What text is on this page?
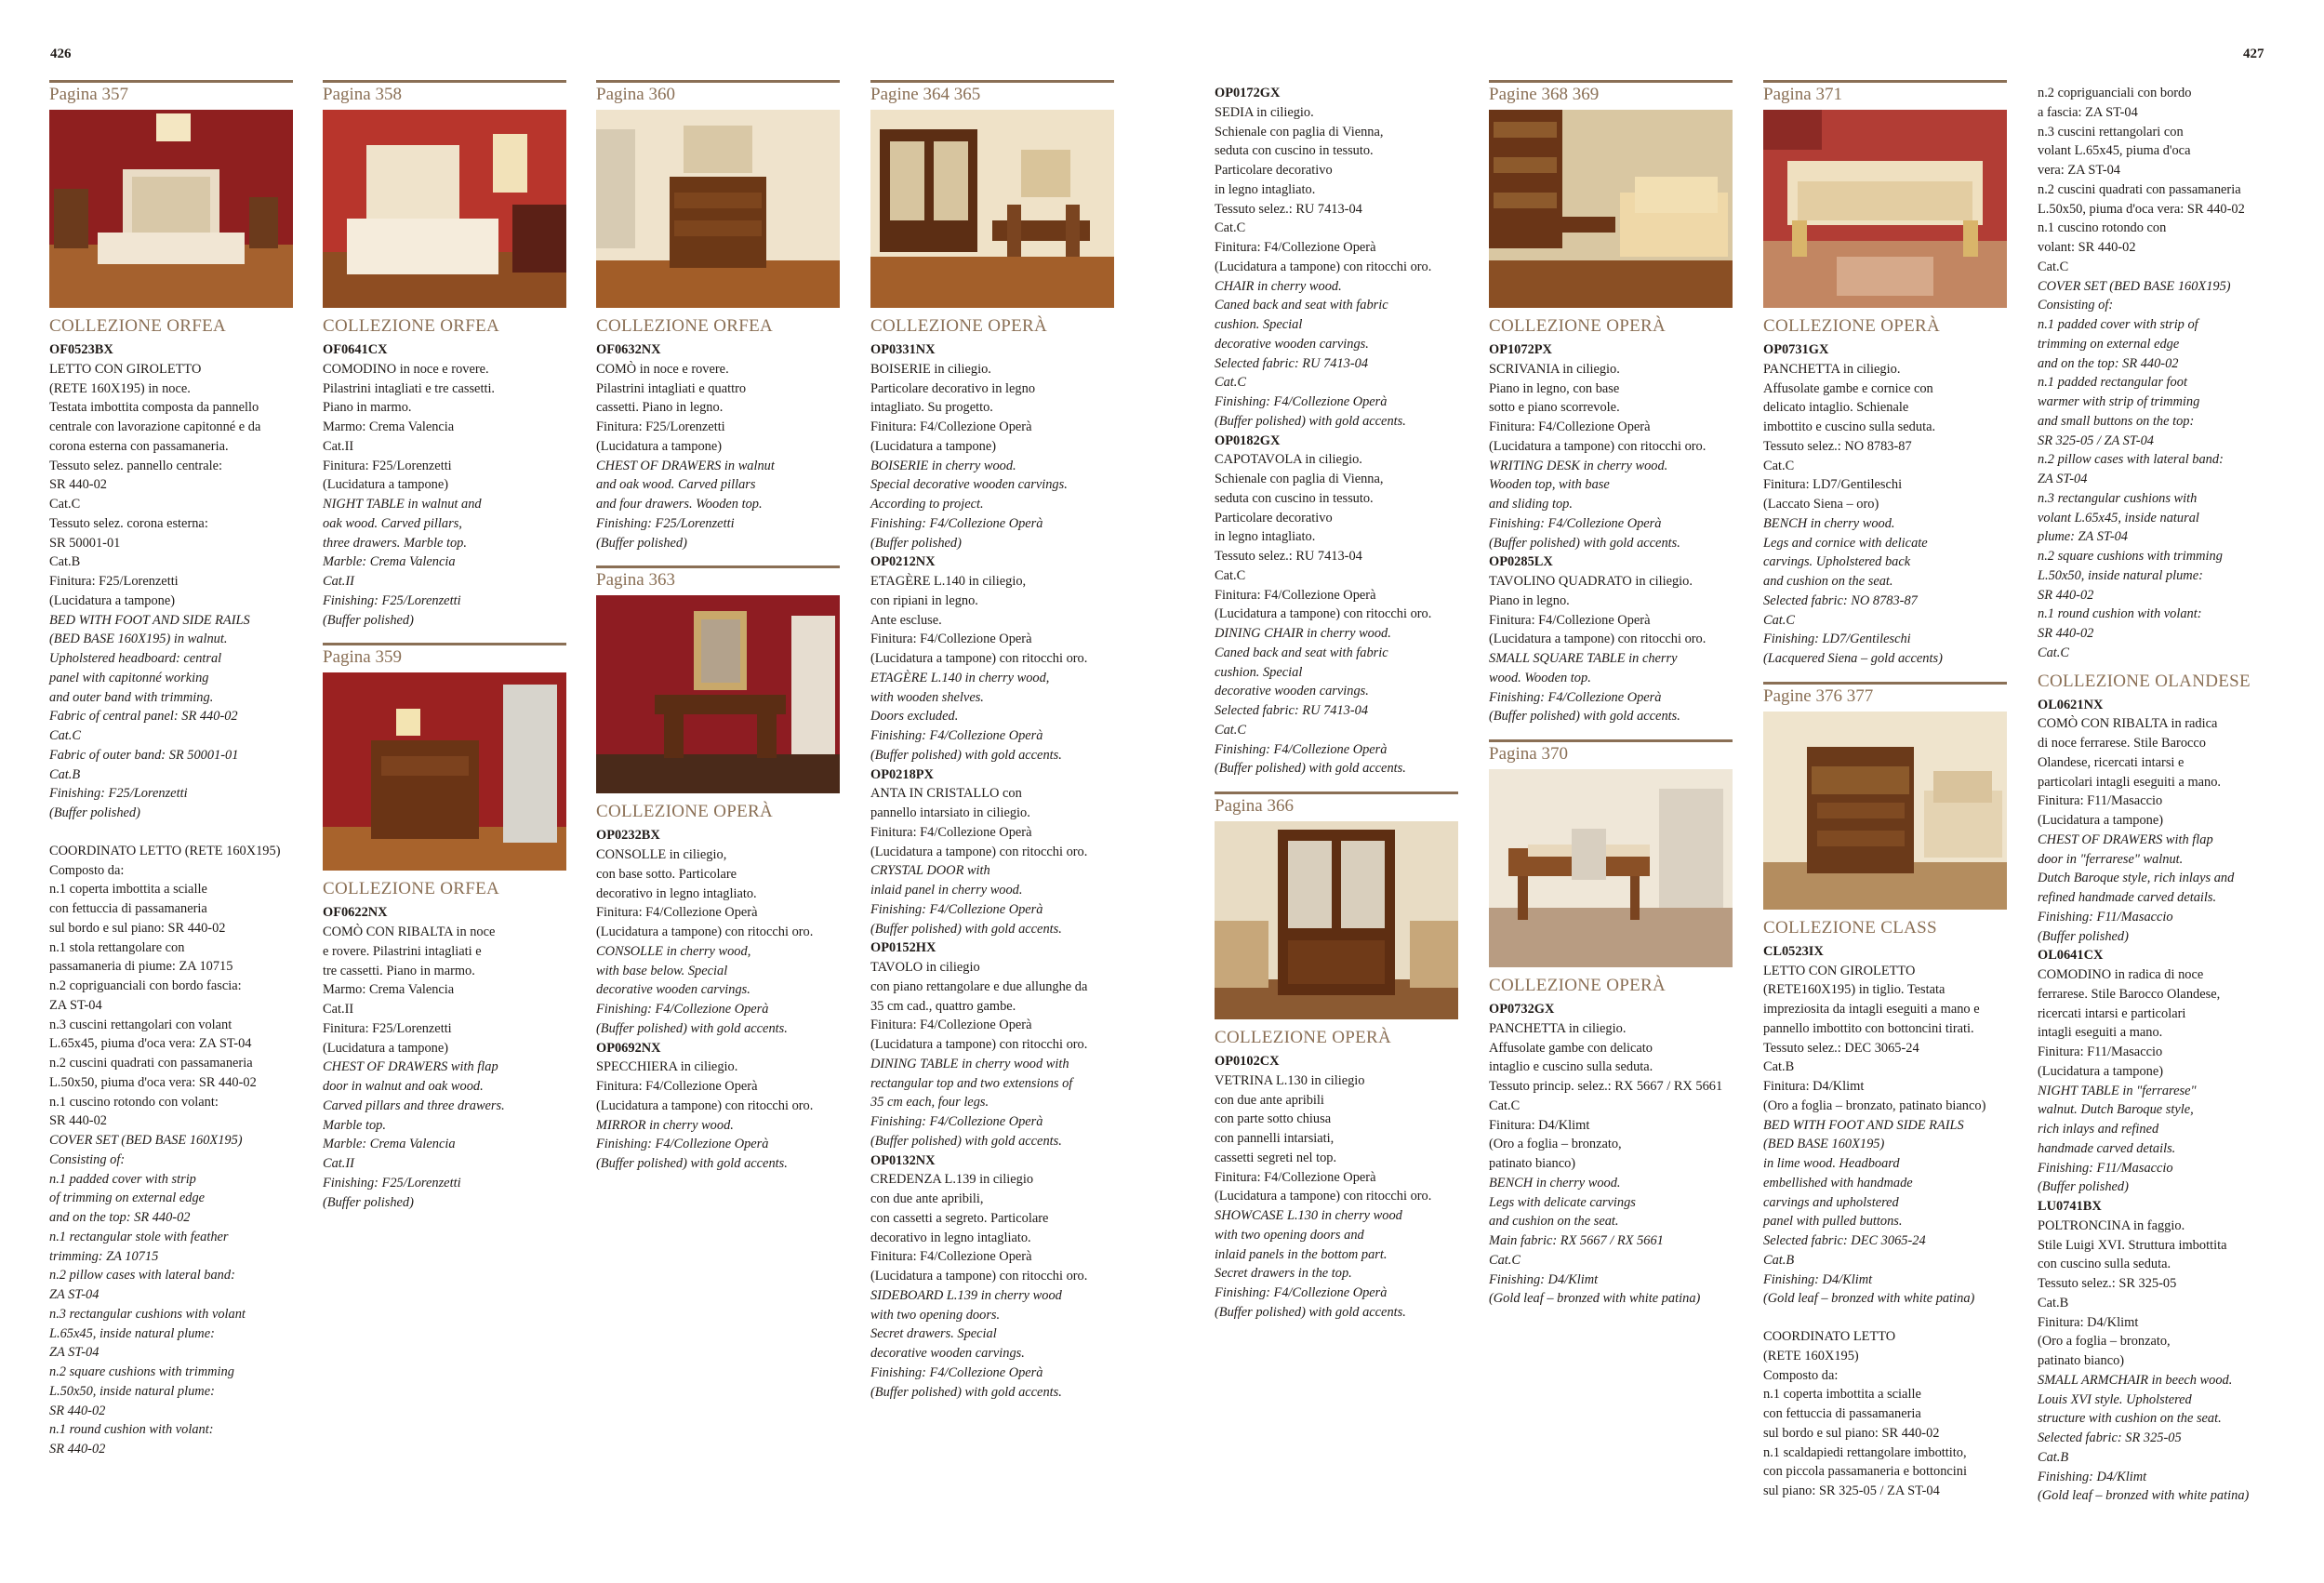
426	427
Pagina 357
COLLEZIONE ORFEA
OF0523BX
LETTO CON GIROLETTO
(RETE 160X195) in noce.
Testata imbottita composta da pannello
centrale con lavorazione capitonné e da
corona esterna con passamaneria.
Tessuto selez. pannello centrale:
SR 440-02
Cat.C
Tessuto selez. corona esterna:
SR 50001-01
Cat.B
Finitura: F25/Lorenzetti
(Lucidatura a tampone)
BED WITH FOOT AND SIDE RAILS
(BED BASE 160X195) in walnut.
Upholstered headboard: central
panel with capitonné working
and outer band with trimming.
Fabric of central panel: SR 440-02
Cat.C
Fabric of outer band: SR 50001-01
Cat.B
Finishing: F25/Lorenzetti
(Buffer polished)
COORDINATO LETTO (RETE 160X195)
Composto da:
n.1 coperta imbottita a scialle
con fettuccia di passamaneria
sul bordo e sul piano: SR 440-02
n.1 stola rettangolare con
passamaneria di piume: ZA 10715
n.2 copriguanciali con bordo fascia:
ZA ST-04
n.3 cuscini rettangolari con volant
L.65x45, piuma d'oca vera: ZA ST-04
n.2 cuscini quadrati con passamaneria
L.50x50, piuma d'oca vera: SR 440-02
n.1 cuscino rotondo con volant:
SR 440-02
COVER SET (BED BASE 160X195)
Consisting of:
n.1 padded cover with strip
of trimming on external edge
and on the top: SR 440-02
n.1 rectangular stole with feather
trimming: ZA 10715
n.2 pillow cases with lateral band:
ZA ST-04
n.3 rectangular cushions with volant
L.65x45, inside natural plume:
ZA ST-04
n.2 square cushions with trimming
L.50x50, inside natural plume:
SR 440-02
n.1 round cushion with volant:
SR 440-02
Pagina 358
COLLEZIONE ORFEA
OF0641CX
COMODINO in noce e rovere.
Pilastrini intagliati e tre cassetti.
Piano in marmo.
Marmo: Crema Valencia
Cat.II
Finitura: F25/Lorenzetti
(Lucidatura a tampone)
NIGHT TABLE in walnut and
oak wood. Carved pillars,
three drawers. Marble top.
Marble: Crema Valencia
Cat.II
Finishing: F25/Lorenzetti
(Buffer polished)
Pagina 359
COLLEZIONE ORFEA
OF0622NX
COMÒ CON RIBALTA in noce
e rovere. Pilastrini intagliati e
tre cassetti. Piano in marmo.
Marmo: Crema Valencia
Cat.II
Finitura: F25/Lorenzetti
(Lucidatura a tampone)
CHEST OF DRAWERS with flap
door in walnut and oak wood.
Carved pillars and three drawers.
Marble top.
Marble: Crema Valencia
Cat.II
Finishing: F25/Lorenzetti
(Buffer polished)
Pagina 360
COLLEZIONE ORFEA
OF0632NX
COMÒ in noce e rovere.
Pilastrini intagliati e quattro
cassetti. Piano in legno.
Finitura: F25/Lorenzetti
(Lucidatura a tampone)
CHEST OF DRAWERS in walnut
and oak wood. Carved pillars
and four drawers. Wooden top.
Finishing: F25/Lorenzetti
(Buffer polished)
Pagina 363
COLLEZIONE OPERÀ
OP0232BX
CONSOLLE in ciliegio,
con base sotto. Particolare
decorativo in legno intagliato.
Finitura: F4/Collezione Operà
(Lucidatura a tampone) con ritocchi oro.
CONSOLLE in cherry wood,
with base below. Special
decorative wooden carvings.
Finishing: F4/Collezione Operà
(Buffer polished) with gold accents.
OP0692NX
SPECCHIERA in ciliegio.
Finitura: F4/Collezione Operà
(Lucidatura a tampone) con ritocchi oro.
MIRROR in cherry wood.
Finishing: F4/Collezione Operà
(Buffer polished) with gold accents.
Pagine 364 365
COLLEZIONE OPERÀ
OP0331NX
BOISERIE in ciliegio.
Particolare decorativo in legno
intagliato. Su progetto.
Finitura: F4/Collezione Operà
(Lucidatura a tampone)
BOISERIE in cherry wood.
Special decorative wooden carvings.
According to project.
Finishing: F4/Collezione Operà
(Buffer polished)
OP0212NX
ETAGÈRE L.140 in ciliegio,
con ripiani in legno.
Ante escluse.
Finitura: F4/Collezione Operà
(Lucidatura a tampone) con ritocchi oro.
ETAGÈRE L.140 in cherry wood,
with wooden shelves.
Doors excluded.
Finishing: F4/Collezione Operà
(Buffer polished) with gold accents.
OP0218PX
ANTA IN CRISTALLO con
pannello intarsiato in ciliegio.
Finitura: F4/Collezione Operà
(Lucidatura a tampone) con ritocchi oro.
CRYSTAL DOOR with
inlaid panel in cherry wood.
Finishing: F4/Collezione Operà
(Buffer polished) with gold accents.
OP0152HX
TAVOLO in ciliegio
con piano rettangolare e due allunghe da
35 cm cad., quattro gambe.
Finitura: F4/Collezione Operà
(Lucidatura a tampone) con ritocchi oro.
DINING TABLE in cherry wood with
rectangular top and two extensions of
35 cm each, four legs.
Finishing: F4/Collezione Operà
(Buffer polished) with gold accents.
OP0132NX
CREDENZA L.139 in ciliegio
con due ante apribili,
con cassetti a segreto. Particolare
decorativo in legno intagliato.
Finitura: F4/Collezione Operà
(Lucidatura a tampone) con ritocchi oro.
SIDEBOARD L.139 in cherry wood
with two opening doors.
Secret drawers. Special
decorative wooden carvings.
Finishing: F4/Collezione Operà
(Buffer polished) with gold accents.
OP0172GX
SEDIA in ciliegio.
Schienale con paglia di Vienna,
seduta con cuscino in tessuto.
Particolare decorativo
in legno intagliato.
Tessuto selez.: RU 7413-04
Cat.C
Finitura: F4/Collezione Operà
(Lucidatura a tampone) con ritocchi oro.
CHAIR in cherry wood.
Caned back and seat with fabric
cushion. Special
decorative wooden carvings.
Selected fabric: RU 7413-04
Cat.C
Finishing: F4/Collezione Operà
(Buffer polished) with gold accents.
OP0182GX
CAPOTAVOLA in ciliegio.
Schienale con paglia di Vienna,
seduta con cuscino in tessuto.
Particolare decorativo
in legno intagliato.
Tessuto selez.: RU 7413-04
Cat.C
Finitura: F4/Collezione Operà
(Lucidatura a tampone) con ritocchi oro.
DINING CHAIR in cherry wood.
Caned back and seat with fabric
cushion. Special
decorative wooden carvings.
Selected fabric: RU 7413-04
Cat.C
Finishing: F4/Collezione Operà
(Buffer polished) with gold accents.
Pagina 366
COLLEZIONE OPERÀ
OP0102CX
VETRINA L.130 in ciliegio
con due ante apribili
con parte sotto chiusa
con pannelli intarsiati,
cassetti segreti nel top.
Finitura: F4/Collezione Operà
(Lucidatura a tampone) con ritocchi oro.
SHOWCASE L.130 in cherry wood
with two opening doors and
inlaid panels in the bottom part.
Secret drawers in the top.
Finishing: F4/Collezione Operà
(Buffer polished) with gold accents.
Pagine 368 369
COLLEZIONE OPERÀ
OP1072PX
SCRIVANIA in ciliegio.
Piano in legno, con base
sotto e piano scorrevole.
Finitura: F4/Collezione Operà
(Lucidatura a tampone) con ritocchi oro.
WRITING DESK in cherry wood.
Wooden top, with base
and sliding top.
Finishing: F4/Collezione Operà
(Buffer polished) with gold accents.
OP0285LX
TAVOLINO QUADRATO in ciliegio.
Piano in legno.
Finitura: F4/Collezione Operà
(Lucidatura a tampone) con ritocchi oro.
SMALL SQUARE TABLE in cherry
wood. Wooden top.
Finishing: F4/Collezione Operà
(Buffer polished) with gold accents.
Pagina 370
COLLEZIONE OPERÀ
OP0732GX
PANCHETTA in ciliegio.
Affusolate gambe con delicato
intaglio e cuscino sulla seduta.
Tessuto princip. selez.: RX 5667 / RX 5661
Cat.C
Finitura: D4/Klimt
(Oro a foglia – bronzato,
patinato bianco)
BENCH in cherry wood.
Legs with delicate carvings
and cushion on the seat.
Main fabric: RX 5667 / RX 5661
Cat.C
Finishing: D4/Klimt
(Gold leaf – bronzed with white patina)
Pagina 371
COLLEZIONE OPERÀ
OP0731GX
PANCHETTA in ciliegio.
Affusolate gambe e cornice con
delicato intaglio. Schienale
imbottito e cuscino sulla seduta.
Tessuto selez.: NO 8783-87
Cat.C
Finitura: LD7/Gentileschi
(Laccato Siena – oro)
BENCH in cherry wood.
Legs and cornice with delicate
carvings. Upholstered back
and cushion on the seat.
Selected fabric: NO 8783-87
Cat.C
Finishing: LD7/Gentileschi
(Lacquered Siena – gold accents)
Pagine 376 377
COLLEZIONE CLASS
CL0523IX
LETTO CON GIROLETTO
(RETE160X195) in tiglio. Testata
impreziosita da intagli eseguiti a mano e
pannello imbottito con bottoncini tirati.
Tessuto selez.: DEC 3065-24
Cat.B
Finitura: D4/Klimt
(Oro a foglia – bronzato, patinato bianco)
BED WITH FOOT AND SIDE RAILS
(BED BASE 160X195)
in lime wood. Headboard
embellished with handmade
carvings and upholstered
panel with pulled buttons.
Selected fabric: DEC 3065-24
Cat.B
Finishing: D4/Klimt
(Gold leaf – bronzed with white patina)
COORDINATO LETTO
(RETE 160X195)
Composto da:
n.1 coperta imbottita a scialle
con fettuccia di passamaneria
sul bordo e sul piano: SR 440-02
n.1 scaldapiedi rettangolare imbottito,
con piccola passamaneria e bottoncini
sul piano: SR 325-05 / ZA ST-04
n.2 copriguanciali con bordo
a fascia: ZA ST-04
n.3 cuscini rettangolari con
volant L.65x45, piuma d'oca
vera: ZA ST-04
n.2 cuscini quadrati con passamaneria
L.50x50, piuma d'oca vera: SR 440-02
n.1 cuscino rotondo con
volant: SR 440-02
Cat.C
COVER SET (BED BASE 160X195)
Consisting of:
n.1 padded cover with strip of
trimming on external edge
and on the top: SR 440-02
n.1 padded rectangular foot
warmer with strip of trimming
and small buttons on the top:
SR 325-05 / ZA ST-04
n.2 pillow cases with lateral band:
ZA ST-04
n.3 rectangular cushions with
volant L.65x45, inside natural
plume: ZA ST-04
n.2 square cushions with trimming
L.50x50, inside natural plume:
SR 440-02
n.1 round cushion with volant:
SR 440-02
Cat.C
COLLEZIONE OLANDESE
OL0621NX
COMÒ CON RIBALTA in radica
di noce ferrarese. Stile Barocco
Olandese, ricercati intarsi e
particolari intagli eseguiti a mano.
Finitura: F11/Masaccio
(Lucidatura a tampone)
CHEST OF DRAWERS with flap
door in "ferrarese" walnut.
Dutch Baroque style, rich inlays and
refined handmade carved details.
Finishing: F11/Masaccio
(Buffer polished)
OL0641CX
COMODINO in radica di noce
ferrarese. Stile Barocco Olandese,
ricercati intarsi e particolari
intagli eseguiti a mano.
Finitura: F11/Masaccio
(Lucidatura a tampone)
NIGHT TABLE in "ferrarese"
walnut. Dutch Baroque style,
rich inlays and refined
handmade carved details.
Finishing: F11/Masaccio
(Buffer polished)
LU0741BX
POLTRONCINA in faggio.
Stile Luigi XVI. Struttura imbottita
con cuscino sulla seduta.
Tessuto selez.: SR 325-05
Cat.B
Finitura: D4/Klimt
(Oro a foglia – bronzato,
patinato bianco)
SMALL ARMCHAIR in beech wood.
Louis XVI style. Upholstered
structure with cushion on the seat.
Selected fabric: SR 325-05
Cat.B
Finishing: D4/Klimt
(Gold leaf – bronzed with white patina)
